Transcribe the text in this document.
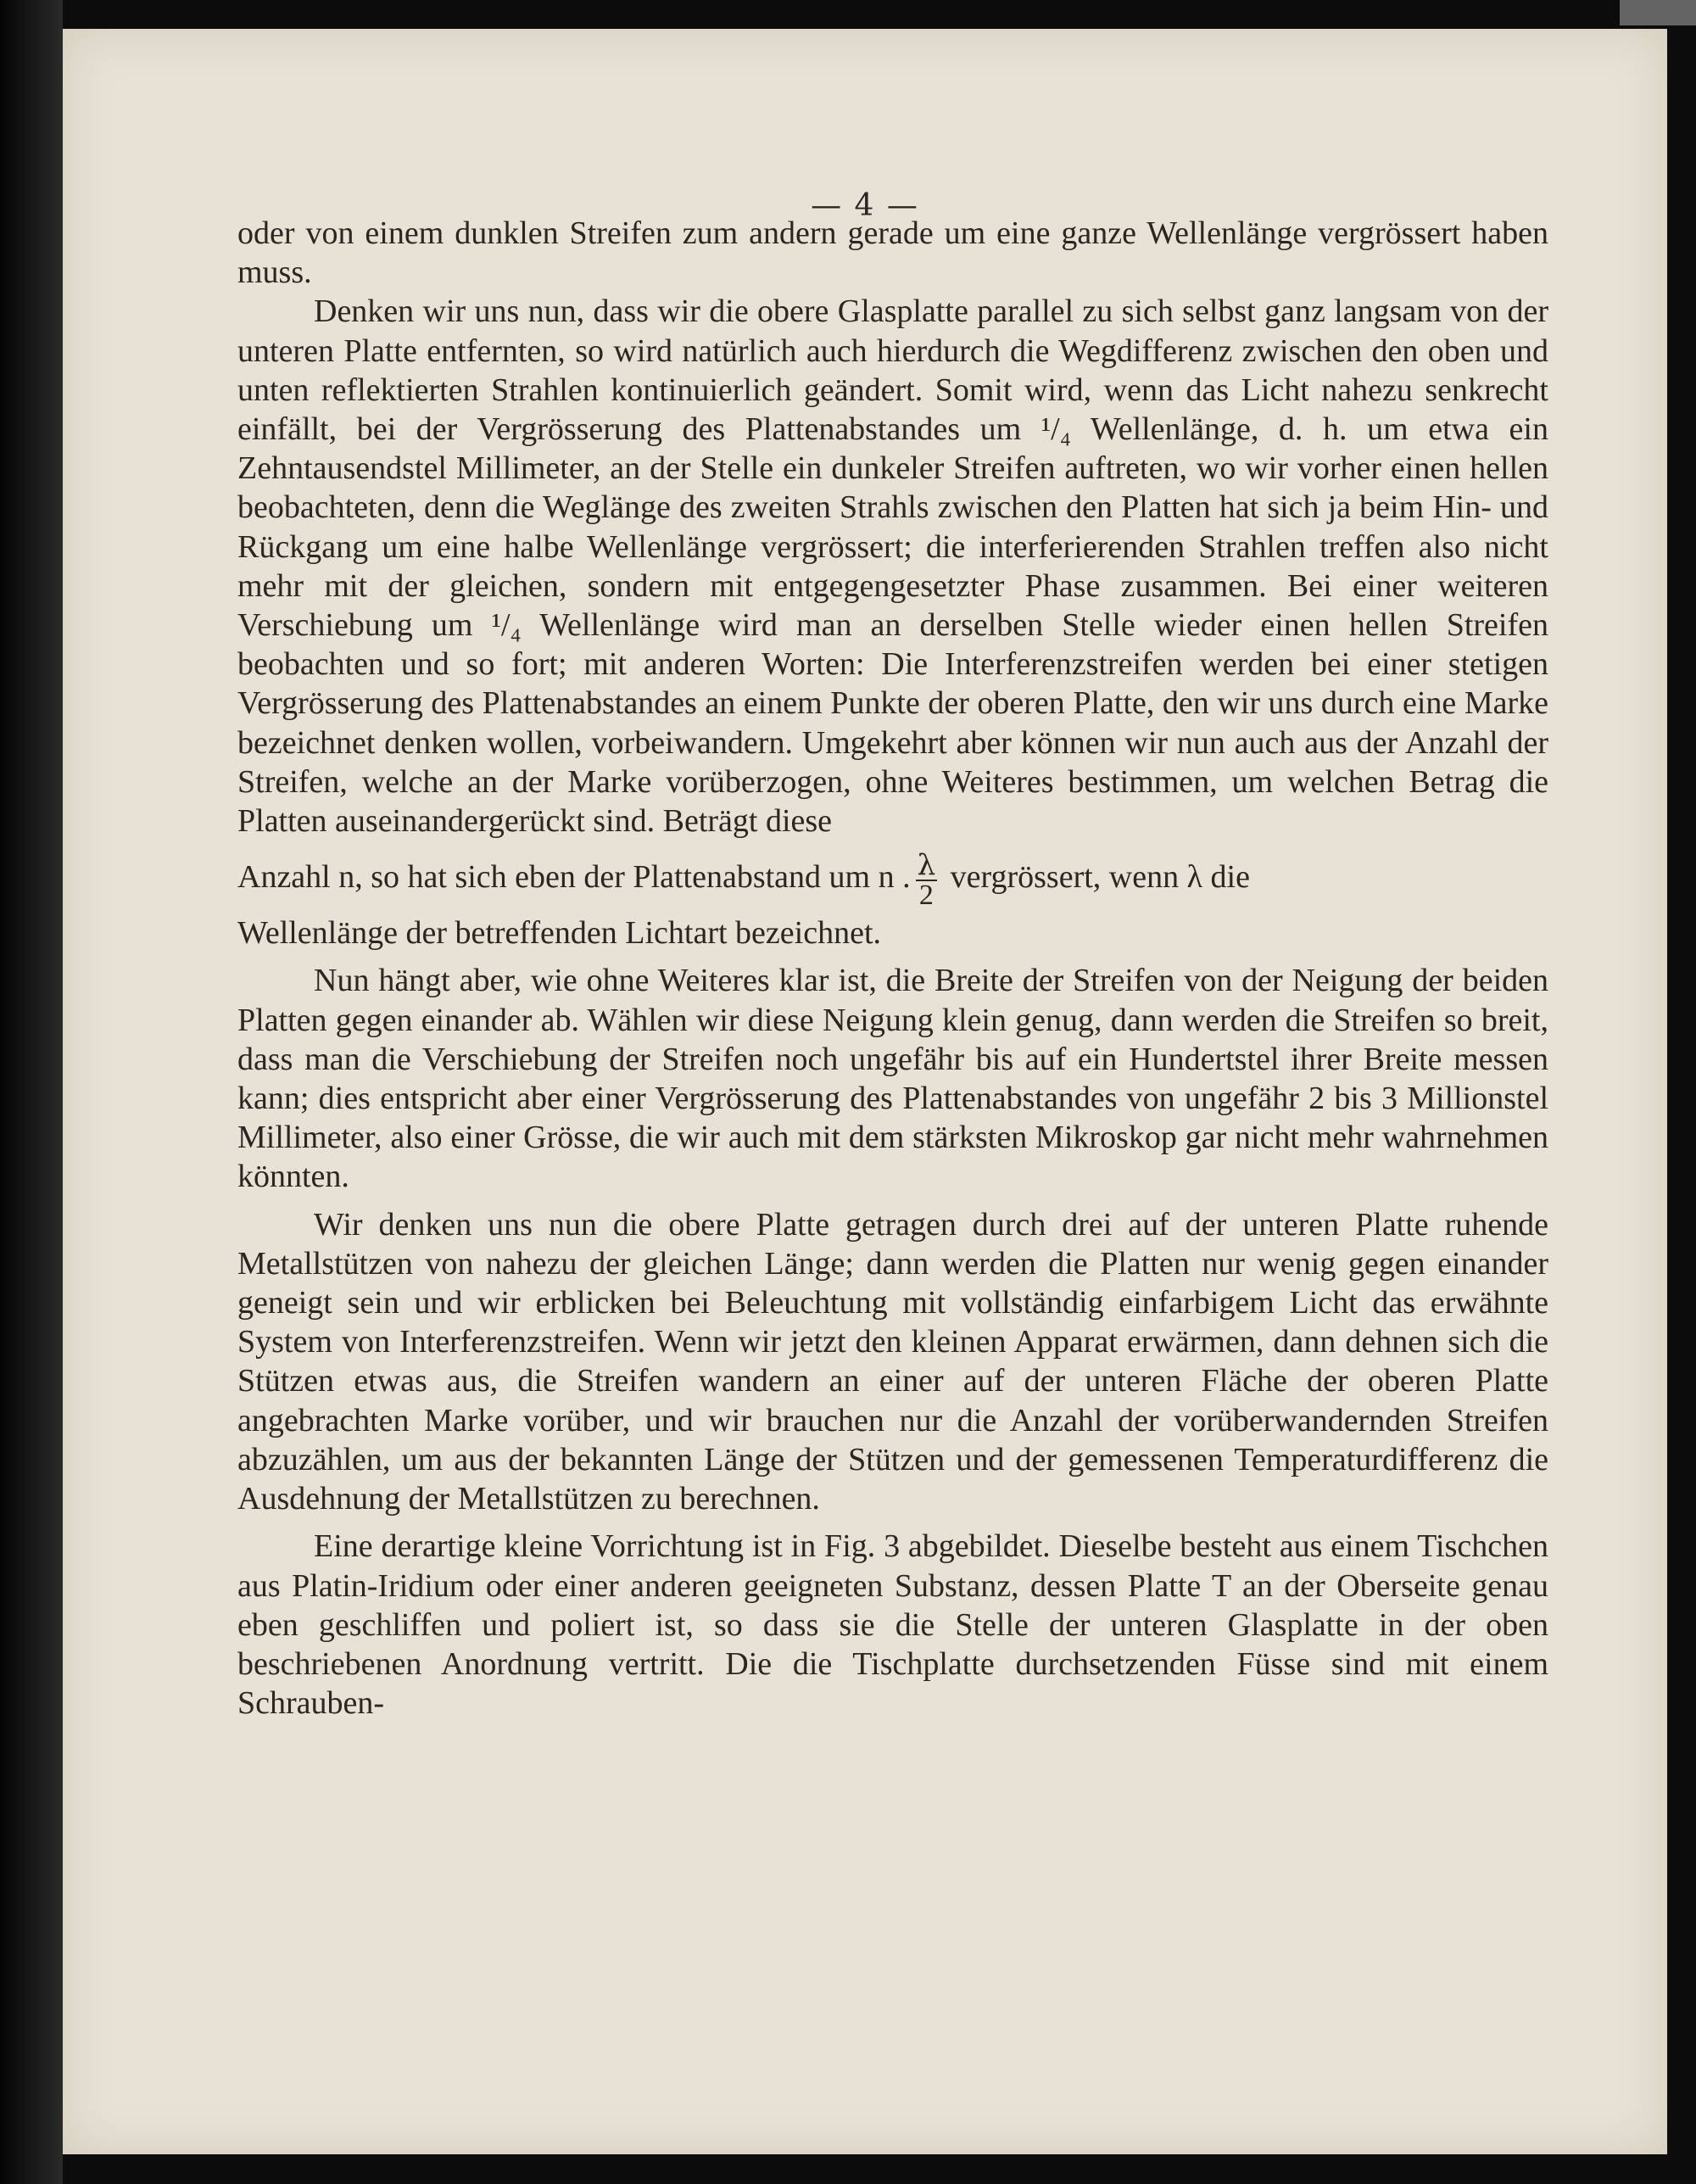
— 4 —

oder von einem dunklen Streifen zum andern gerade um eine ganze Wellenlänge vergrössert haben muss.

Denken wir uns nun, dass wir die obere Glasplatte parallel zu sich selbst ganz langsam von der unteren Platte entfernten, so wird natürlich auch hierdurch die Wegdifferenz zwischen den oben und unten reflektierten Strahlen kontinuierlich geändert. Somit wird, wenn das Licht nahezu senkrecht einfällt, bei der Vergrösserung des Plattenabstandes um ¹/₄ Wellenlänge, d. h. um etwa ein Zehntausendstel Millimeter, an der Stelle ein dunkeler Streifen auftreten, wo wir vorher einen hellen beobachteten, denn die Weglänge des zweiten Strahls zwischen den Platten hat sich ja beim Hin- und Rückgang um eine halbe Wellenlänge vergrössert; die interferierenden Strahlen treffen also nicht mehr mit der gleichen, sondern mit entgegengesetzter Phase zusammen. Bei einer weiteren Verschiebung um ¹/₄ Wellenlänge wird man an derselben Stelle wieder einen hellen Streifen beobachten und so fort; mit anderen Worten: Die Interferenzstreifen werden bei einer stetigen Vergrösserung des Plattenabstandes an einem Punkte der oberen Platte, den wir uns durch eine Marke bezeichnet denken wollen, vorbeiwandern. Umgekehrt aber können wir nun auch aus der Anzahl der Streifen, welche an der Marke vorüberzogen, ohne Weiteres bestimmen, um welchen Betrag die Platten auseinandergerückt sind. Beträgt diese

Anzahl n, so hat sich eben der Plattenabstand um n . $\frac{\lambda}{2}$ vergrössert, wenn λ die

Wellenlänge der betreffenden Lichtart bezeichnet.

Nun hängt aber, wie ohne Weiteres klar ist, die Breite der Streifen von der Neigung der beiden Platten gegen einander ab. Wählen wir diese Neigung klein genug, dann werden die Streifen so breit, dass man die Verschiebung der Streifen noch ungefähr bis auf ein Hundertstel ihrer Breite messen kann; dies entspricht aber einer Vergrösserung des Plattenabstandes von ungefähr 2 bis 3 Millionstel Millimeter, also einer Grösse, die wir auch mit dem stärksten Mikroskop gar nicht mehr wahrnehmen könnten.

Wir denken uns nun die obere Platte getragen durch drei auf der unteren Platte ruhende Metallstützen von nahezu der gleichen Länge; dann werden die Platten nur wenig gegen einander geneigt sein und wir erblicken bei Beleuchtung mit vollständig einfarbigem Licht das erwähnte System von Interferenzstreifen. Wenn wir jetzt den kleinen Apparat erwärmen, dann dehnen sich die Stützen etwas aus, die Streifen wandern an einer auf der unteren Fläche der oberen Platte angebrachten Marke vorüber, und wir brauchen nur die Anzahl der vorüberwandernden Streifen abzuzählen, um aus der bekannten Länge der Stützen und der gemessenen Temperaturdifferenz die Ausdehnung der Metallstützen zu berechnen.

Eine derartige kleine Vorrichtung ist in Fig. 3 abgebildet. Dieselbe besteht aus einem Tischchen aus Platin-Iridium oder einer anderen geeigneten Substanz, dessen Platte T an der Oberseite genau eben geschliffen und poliert ist, so dass sie die Stelle der unteren Glasplatte in der oben beschriebenen Anordnung vertritt. Die die Tischplatte durchsetzenden Füsse sind mit einem Schrauben-
